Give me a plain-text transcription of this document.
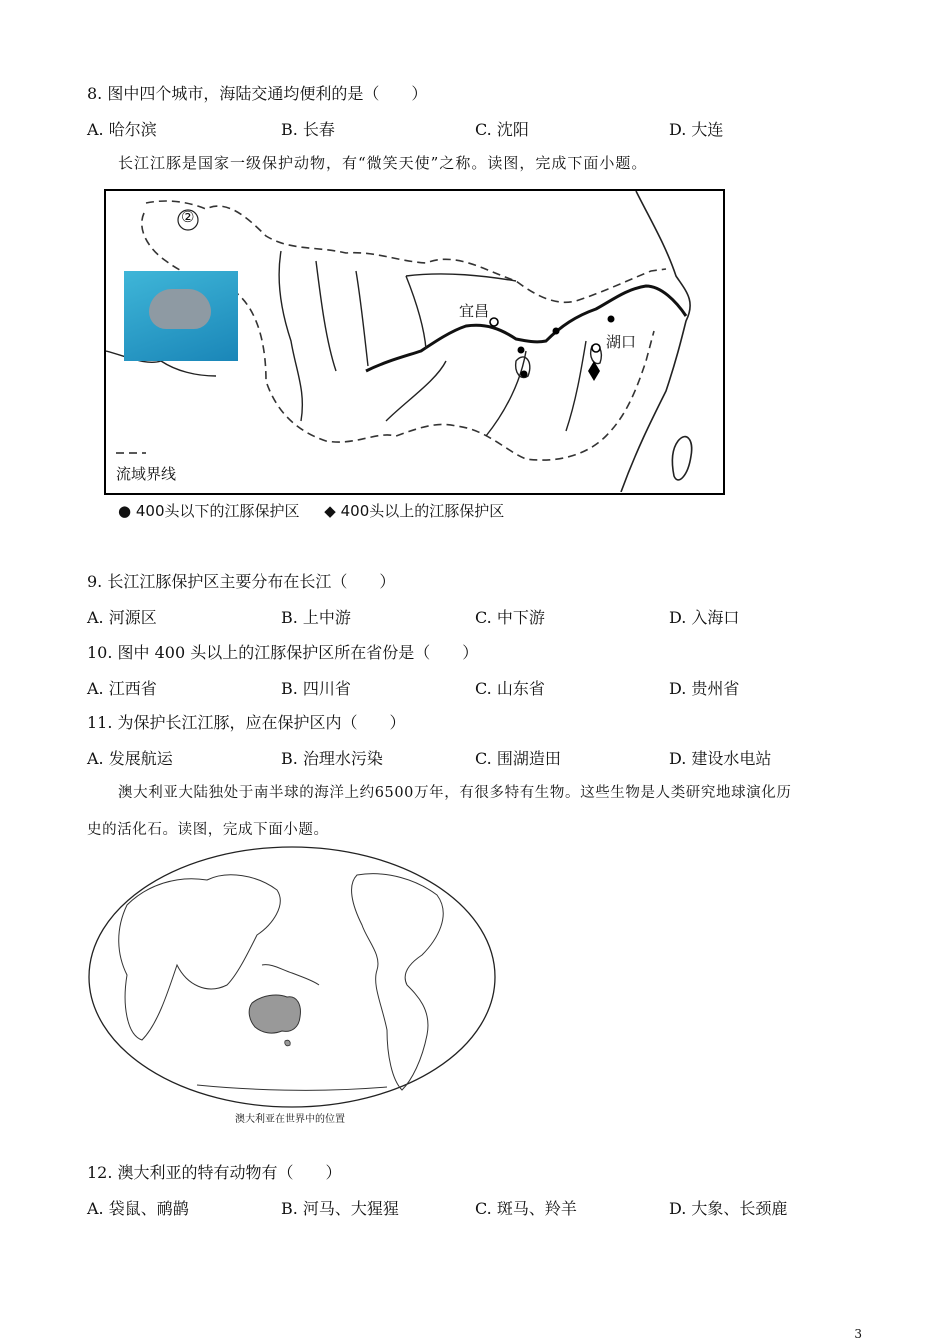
8. 图中四个城市，海陆交通均便利的是（　　）
A. 哈尔滨	B. 长春	C. 沈阳	D. 大连
长江江豚是国家一级保护动物，有“微笑天使”之称。读图，完成下面小题。
宜昌
湖口
②
流域界线
● 400头以下的江豚保护区 ◆ 400头以上的江豚保护区
9. 长江江豚保护区主要分布在长江（　　）
A. 河源区	B. 上中游	C. 中下游	D. 入海口
10. 图中 400 头以上的江豚保护区所在省份是（　　）
A. 江西省	B. 四川省	C. 山东省	D. 贵州省
11. 为保护长江江豚，应在保护区内（　　）
A. 发展航运	B. 治理水污染	C. 围湖造田	D. 建设水电站
澳大利亚大陆独处于南半球的海洋上约6500万年，有很多特有生物。这些生物是人类研究地球演化历
史的活化石。读图，完成下面小题。
澳大利亚在世界中的位置
12. 澳大利亚的特有动物有（　　）
A. 袋鼠、鸸鹋	B. 河马、大猩猩	C. 斑马、羚羊	D. 大象、长颈鹿
3
